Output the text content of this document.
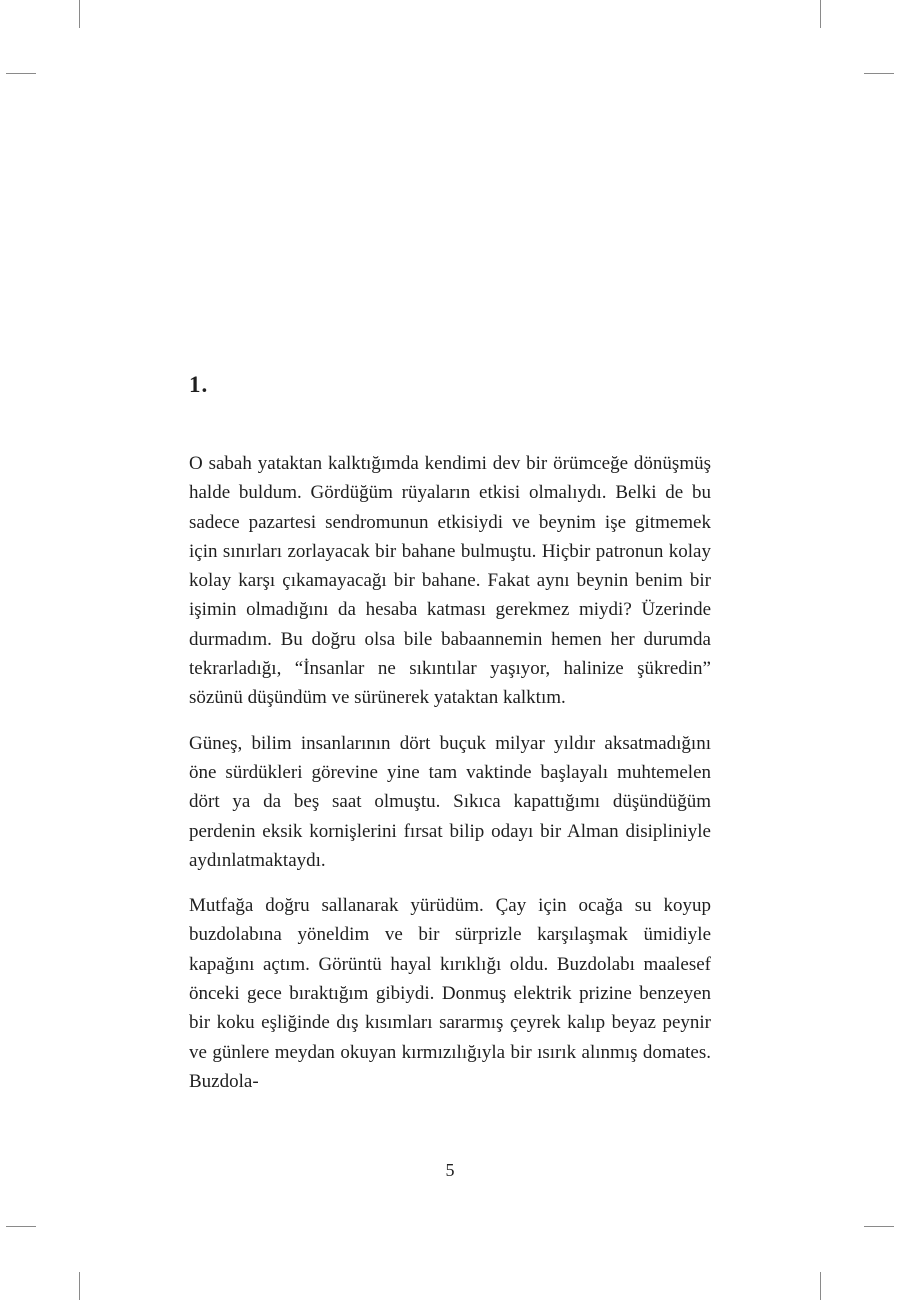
1.

O sabah yataktan kalktığımda kendimi dev bir örümceğe dönüşmüş halde buldum. Gördüğüm rüyaların etkisi olmalıydı. Belki de bu sadece pazartesi sendromunun etkisiydi ve beynim işe gitmemek için sınırları zorlayacak bir bahane bulmuştu. Hiçbir patronun kolay kolay karşı çıkamayacağı bir bahane. Fakat aynı beynin benim bir işimin olmadığını da hesaba katması gerekmez miydi? Üzerinde durmadım. Bu doğru olsa bile babaannemin hemen her durumda tekrarladığı, “İnsanlar ne sıkıntılar yaşıyor, halinize şükredin” sözünü düşündüm ve sürünerek yataktan kalktım.

Güneş, bilim insanlarının dört buçuk milyar yıldır aksatmadığını öne sürdükleri görevine yine tam vaktinde başlayalı muhtemelen dört ya da beş saat olmuştu. Sıkıca kapattığımı düşündüğüm perdenin eksik kornişlerini fırsat bilip odayı bir Alman disipliniyle aydınlatmaktaydı.

Mutfağa doğru sallanarak yürüdüm. Çay için ocağa su koyup buzdolabına yöneldim ve bir sürprizle karşılaşmak ümidiyle kapağını açtım. Görüntü hayal kırıklığı oldu. Buzdolabı maalesef önceki gece bıraktığım gibiydi. Donmuş elektrik prizine benzeyen bir koku eşliğinde dış kısımları sararmış çeyrek kalıp beyaz peynir ve günlere meydan okuyan kırmızılığıyla bir ısırık alınmış domates. Buzdola-

5
